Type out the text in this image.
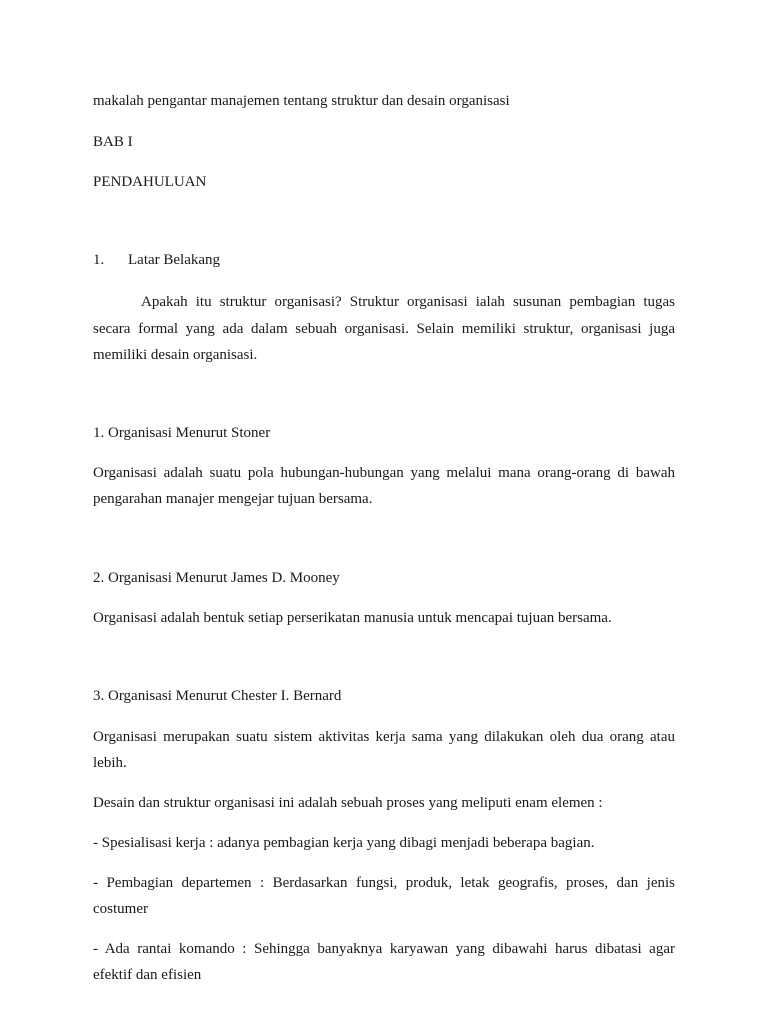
makalah pengantar manajemen tentang struktur dan desain organisasi

BAB I

PENDAHULUAN

1. Latar Belakang

Apakah itu struktur organisasi? Struktur organisasi ialah susunan pembagian tugas

secara formal yang ada dalam sebuah organisasi. Selain memiliki struktur, organisasi juga

memiliki desain organisasi.

1. Organisasi Menurut Stoner

Organisasi adalah suatu pola hubungan-hubungan yang melalui mana orang-orang di bawah

pengarahan manajer mengejar tujuan bersama.

2. Organisasi Menurut James D. Mooney

Organisasi adalah bentuk setiap perserikatan manusia untuk mencapai tujuan bersama.

3. Organisasi Menurut Chester I. Bernard

Organisasi merupakan suatu sistem aktivitas kerja sama yang dilakukan oleh dua orang atau

lebih.

Desain dan struktur organisasi ini adalah sebuah proses yang meliputi enam elemen :

- Spesialisasi kerja : adanya pembagian kerja yang dibagi menjadi beberapa bagian.

- Pembagian departemen : Berdasarkan fungsi, produk, letak geografis, proses, dan jenis

costumer

- Ada rantai komando : Sehingga banyaknya karyawan yang dibawahi harus dibatasi agar

efektif dan efisien
